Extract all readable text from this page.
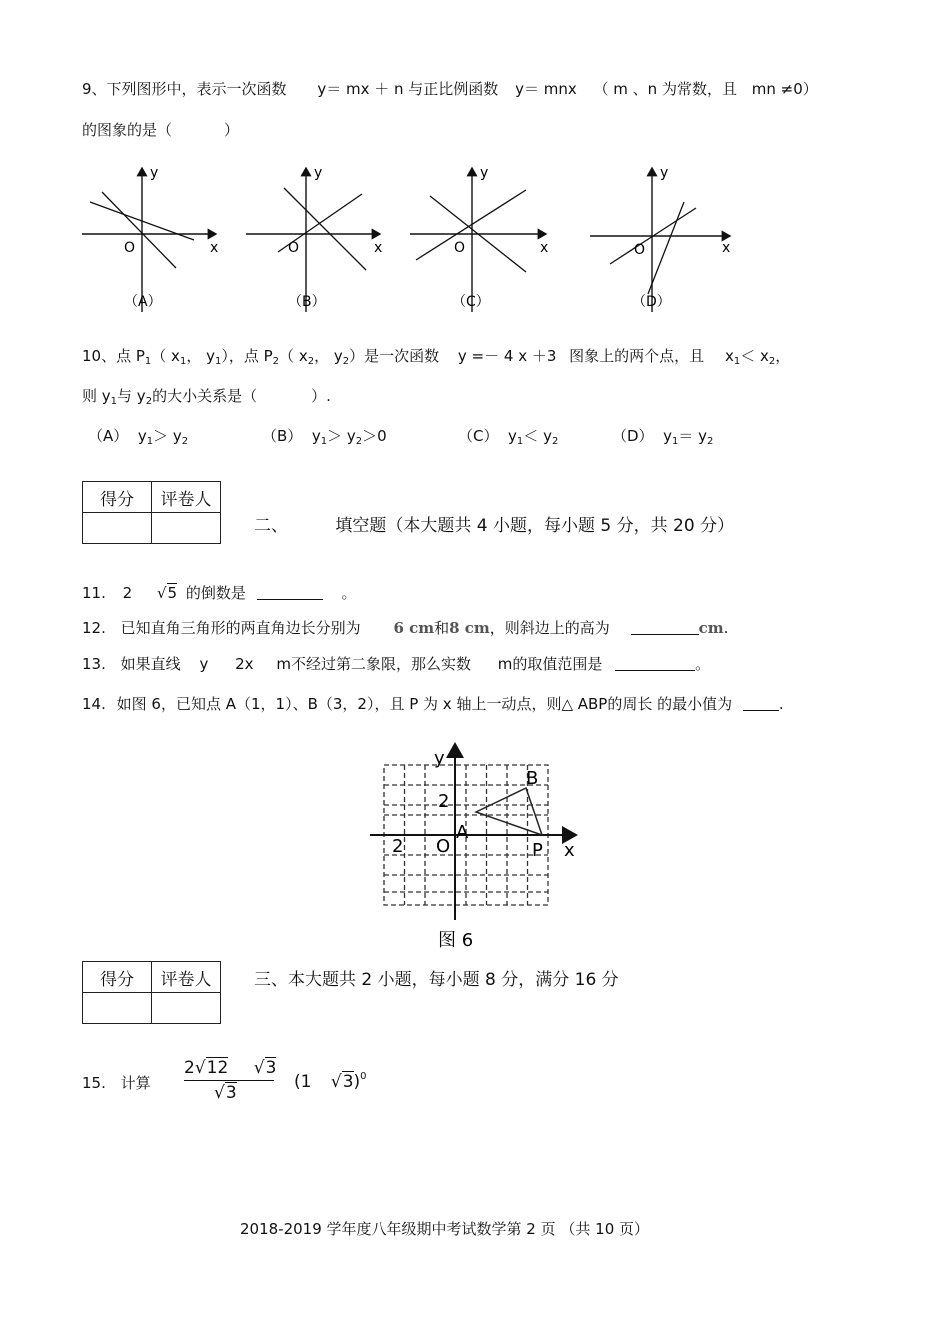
9、下列图形中，表示一次函数 y＝ mx ＋ n 与正比例函数 y＝ mnx （ m 、n 为常数，且 mn ≠0）
的图象的是（	）
y
x
O
（A）
y
x
O
（B）
y
x
O
（C）
y
x
O
（D）
10、点 $P_1$（ $x_1$， $y_1$），点 $P_2$（ $x_2$， $y_2$）是一次函数 y =－ 4 x ＋3 图象上的两个点，且 $x_1< x_2$，
则 $y_1$与 $y_2$的大小关系是（	）.
（A） $y_1> y_2$	（B） $y_1> y_2>0$	（C） $y_1< y_2$	（D） $y_1= y_2$
得分	评卷人

二、	填空题（本大题共 4 小题，每小题 5 分，共 20 分）
11. 2 √5 的倒数是	。
12. 已知直角三角形的两直角边长分别为 6 cm和8 cm，则斜边上的高为	cm.
13. 如果直线 y 2x m不经过第二象限，那么实数 m的取值范围是	。
14. 如图 6，已知点 A（1，1）、B（3，2），且 P 为 x 轴上一动点，则△ ABP的周长 的最小值为	.
y
x
O
2
2
A
B
P
图 6
得分	评卷人
		三、本大题共 2 小题，每小题 8 分，满分 16 分
15. 计算
2√12 √3
√3
(1 √3)$^0$
2018-2019 学年度八年级期中考试数学第 2 页 （共 10 页）
